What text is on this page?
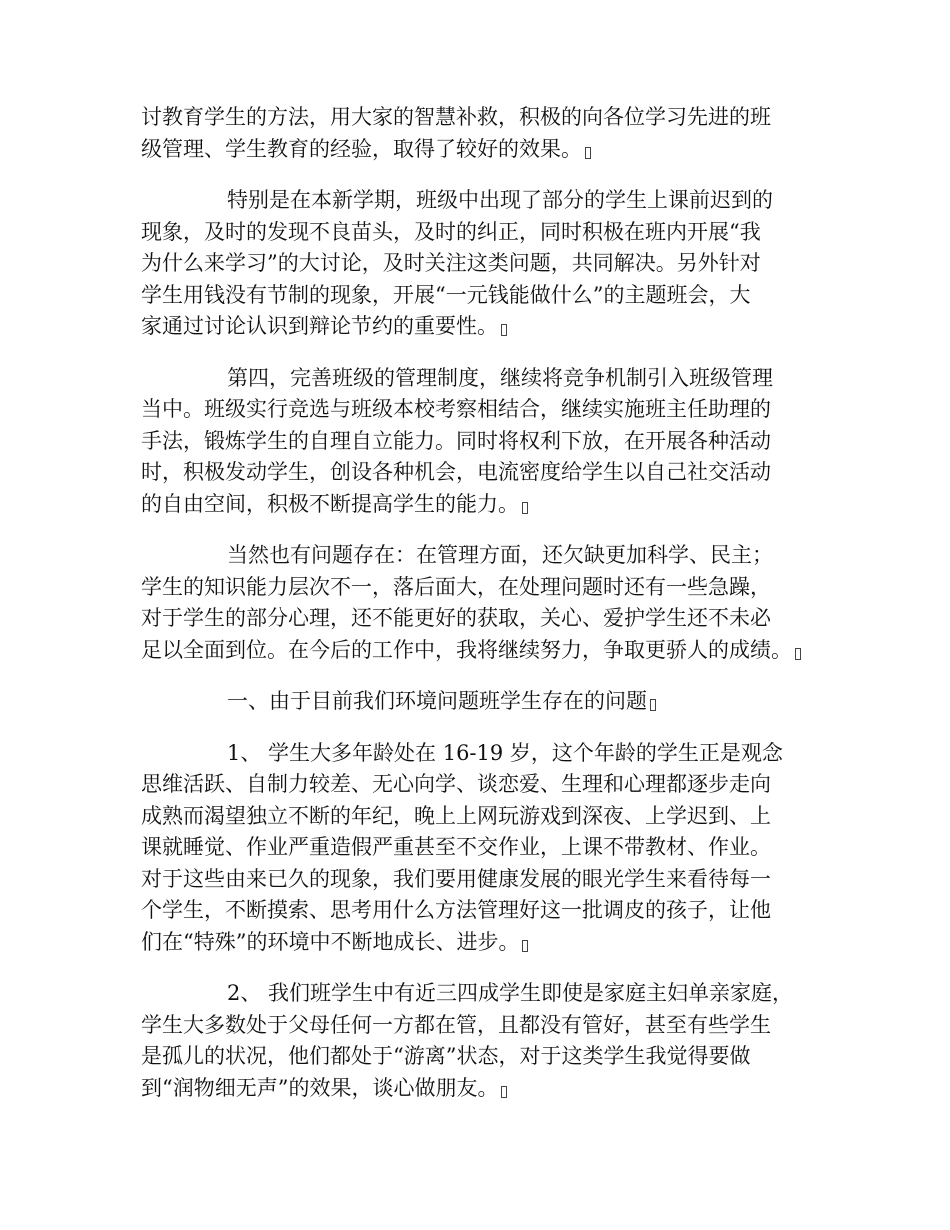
讨教育学生的方法，用大家的智慧补救，积极的向各位学习先进的班
级管理、学生教育的经验，取得了较好的效果。

特别是在本新学期，班级中出现了部分的学生上课前迟到的
现象，及时的发现不良苗头，及时的纠正，同时积极在班内开展“我
为什么来学习”的大讨论，及时关注这类问题，共同解决。另外针对
学生用钱没有节制的现象，开展“一元钱能做什么”的主题班会，大
家通过讨论认识到辩论节约的重要性。

第四，完善班级的管理制度，继续将竞争机制引入班级管理
当中。班级实行竞选与班级本校考察相结合，继续实施班主任助理的
手法，锻炼学生的自理自立能力。同时将权利下放，在开展各种活动
时，积极发动学生，创设各种机会，电流密度给学生以自己社交活动
的自由空间，积极不断提高学生的能力。

当然也有问题存在：在管理方面，还欠缺更加科学、民主；
学生的知识能力层次不一，落后面大，在处理问题时还有一些急躁，
对于学生的部分心理，还不能更好的获取，关心、爱护学生还不未必
足以全面到位。在今后的工作中，我将继续努力，争取更骄人的成绩。

一、由于目前我们环境问题班学生存在的问题

1、 学生大多年龄处在 16-19 岁，这个年龄的学生正是观念
思维活跃、自制力较差、无心向学、谈恋爱、生理和心理都逐步走向
成熟而渴望独立不断的年纪，晚上上网玩游戏到深夜、上学迟到、上
课就睡觉、作业严重造假严重甚至不交作业，上课不带教材、作业。
对于这些由来已久的现象，我们要用健康发展的眼光学生来看待每一
个学生，不断摸索、思考用什么方法管理好这一批调皮的孩子，让他
们在“特殊”的环境中不断地成长、进步。

2、 我们班学生中有近三四成学生即使是家庭主妇单亲家庭，
学生大多数处于父母任何一方都在管，且都没有管好，甚至有些学生
是孤儿的状况，他们都处于“游离”状态，对于这类学生我觉得要做
到“润物细无声”的效果，谈心做朋友。
